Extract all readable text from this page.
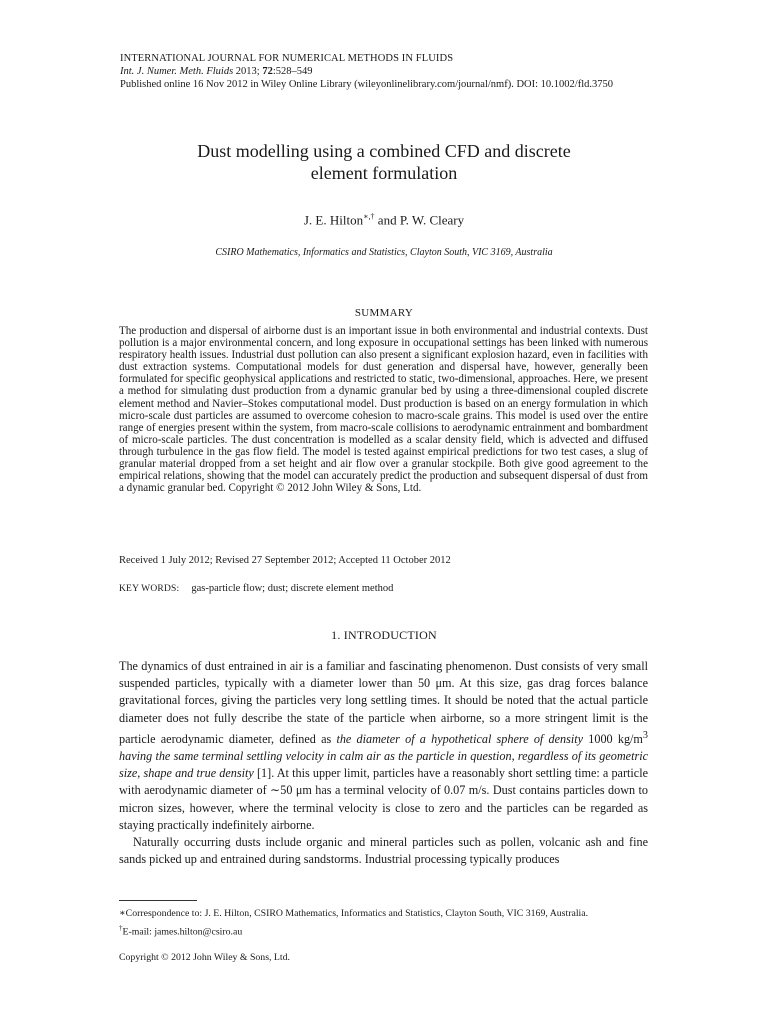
INTERNATIONAL JOURNAL FOR NUMERICAL METHODS IN FLUIDS
Int. J. Numer. Meth. Fluids 2013; 72:528–549
Published online 16 Nov 2012 in Wiley Online Library (wileyonlinelibrary.com/journal/nmf). DOI: 10.1002/fld.3750
Dust modelling using a combined CFD and discrete
element formulation
J. E. Hilton∗,† and P. W. Cleary
CSIRO Mathematics, Informatics and Statistics, Clayton South, VIC 3169, Australia
SUMMARY
The production and dispersal of airborne dust is an important issue in both environmental and industrial contexts. Dust pollution is a major environmental concern, and long exposure in occupational settings has been linked with numerous respiratory health issues. Industrial dust pollution can also present a significant explosion hazard, even in facilities with dust extraction systems. Computational models for dust generation and dispersal have, however, generally been formulated for specific geophysical applications and restricted to static, two-dimensional, approaches. Here, we present a method for simulating dust production from a dynamic granular bed by using a three-dimensional coupled discrete element method and Navier–Stokes computational model. Dust production is based on an energy formulation in which micro-scale dust particles are assumed to overcome cohesion to macro-scale grains. This model is used over the entire range of energies present within the system, from macro-scale collisions to aerodynamic entrainment and bombardment of micro-scale particles. The dust concentration is modelled as a scalar density field, which is advected and diffused through turbulence in the gas flow field. The model is tested against empirical predictions for two test cases, a slug of granular material dropped from a set height and air flow over a granular stockpile. Both give good agreement to the empirical relations, showing that the model can accurately predict the production and subsequent dispersal of dust from a dynamic granular bed. Copyright © 2012 John Wiley & Sons, Ltd.
Received 1 July 2012; Revised 27 September 2012; Accepted 11 October 2012
KEY WORDS: gas-particle flow; dust; discrete element method
1. INTRODUCTION

The dynamics of dust entrained in air is a familiar and fascinating phenomenon. Dust consists of very small suspended particles, typically with a diameter lower than 50 μm. At this size, gas drag forces balance gravitational forces, giving the particles very long settling times. It should be noted that the actual particle diameter does not fully describe the state of the particle when airborne, so a more stringent limit is the particle aerodynamic diameter, defined as the diameter of a hypothetical sphere of density 1000 $kg/m^3$ having the same terminal settling velocity in calm air as the particle in question, regardless of its geometric size, shape and true density [1]. At this upper limit, particles have a reasonably short settling time: a particle with aerodynamic diameter of ∼50 μm has a terminal velocity of 0.07 m/s. Dust contains particles down to micron sizes, however, where the terminal velocity is close to zero and the particles can be regarded as staying practically indefinitely airborne.

Naturally occurring dusts include organic and mineral particles such as pollen, volcanic ash and fine sands picked up and entrained during sandstorms. Industrial processing typically produces

∗Correspondence to: J. E. Hilton, CSIRO Mathematics, Informatics and Statistics, Clayton South, VIC 3169, Australia.
†E-mail: james.hilton@csiro.au
Copyright © 2012 John Wiley & Sons, Ltd.
